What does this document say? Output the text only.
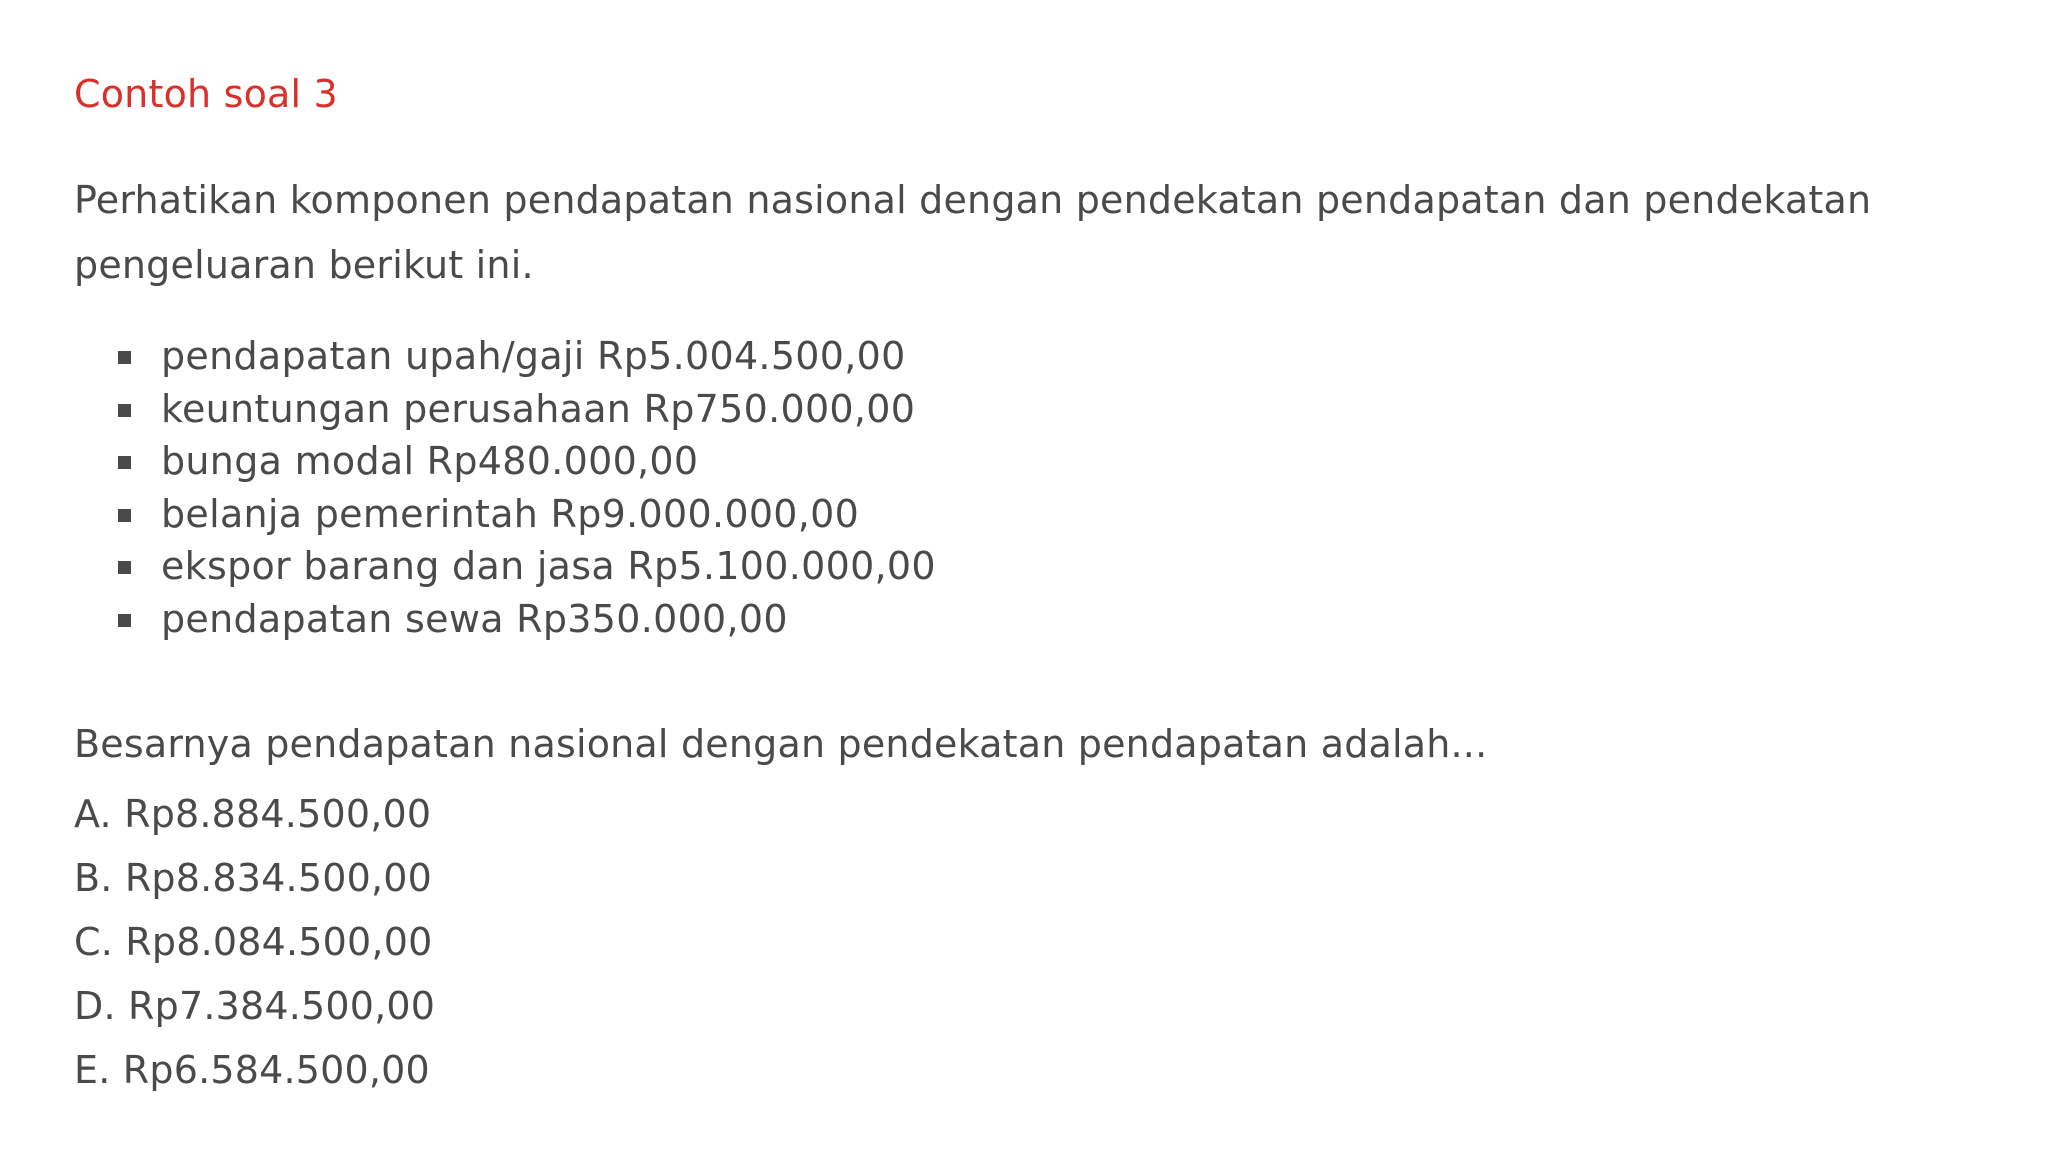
Contoh soal 3

Perhatikan komponen pendapatan nasional dengan pendekatan pendapatan dan pendekatan pengeluaran berikut ini.

pendapatan upah/gaji Rp5.004.500,00
keuntungan perusahaan Rp750.000,00
bunga modal Rp480.000,00
belanja pemerintah Rp9.000.000,00
ekspor barang dan jasa Rp5.100.000,00
pendapatan sewa Rp350.000,00

Besarnya pendapatan nasional dengan pendekatan pendapatan adalah...

A. Rp8.884.500,00
B. Rp8.834.500,00
C. Rp8.084.500,00
D. Rp7.384.500,00
E. Rp6.584.500,00
